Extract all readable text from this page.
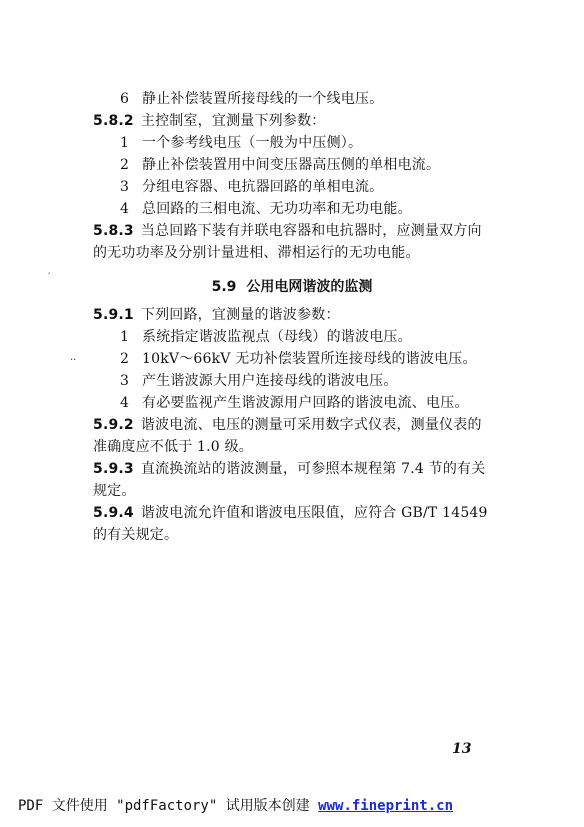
6 静止补偿装置所接母线的一个线电压。
5.8.2 主控制室，宜测量下列参数：
1 一个参考线电压（一般为中压侧）。
2 静止补偿装置用中间变压器高压侧的单相电流。
3 分组电容器、电抗器回路的单相电流。
4 总回路的三相电流、无功功率和无功电能。
5.8.3 当总回路下装有并联电容器和电抗器时，应测量双方向
的无功功率及分别计量进相、滞相运行的无功电能。
′
5.9 公用电网谐波的监测
5.9.1 下列回路，宜测量的谐波参数：
1 系统指定谐波监视点（母线）的谐波电压。
··	2 10kV～66kV 无功补偿装置所连接母线的谐波电压。
3 产生谐波源大用户连接母线的谐波电压。
4 有必要监视产生谐波源用户回路的谐波电流、电压。
5.9.2 谐波电流、电压的测量可采用数字式仪表，测量仪表的
准确度应不低于 1.0 级。
5.9.3 直流换流站的谐波测量，可参照本规程第 7.4 节的有关
规定。
5.9.4 谐波电流允许值和谐波电压限值，应符合 GB/T 14549
的有关规定。
13
PDF 文件使用 "pdfFactory" 试用版本创建 www.fineprint.cn
